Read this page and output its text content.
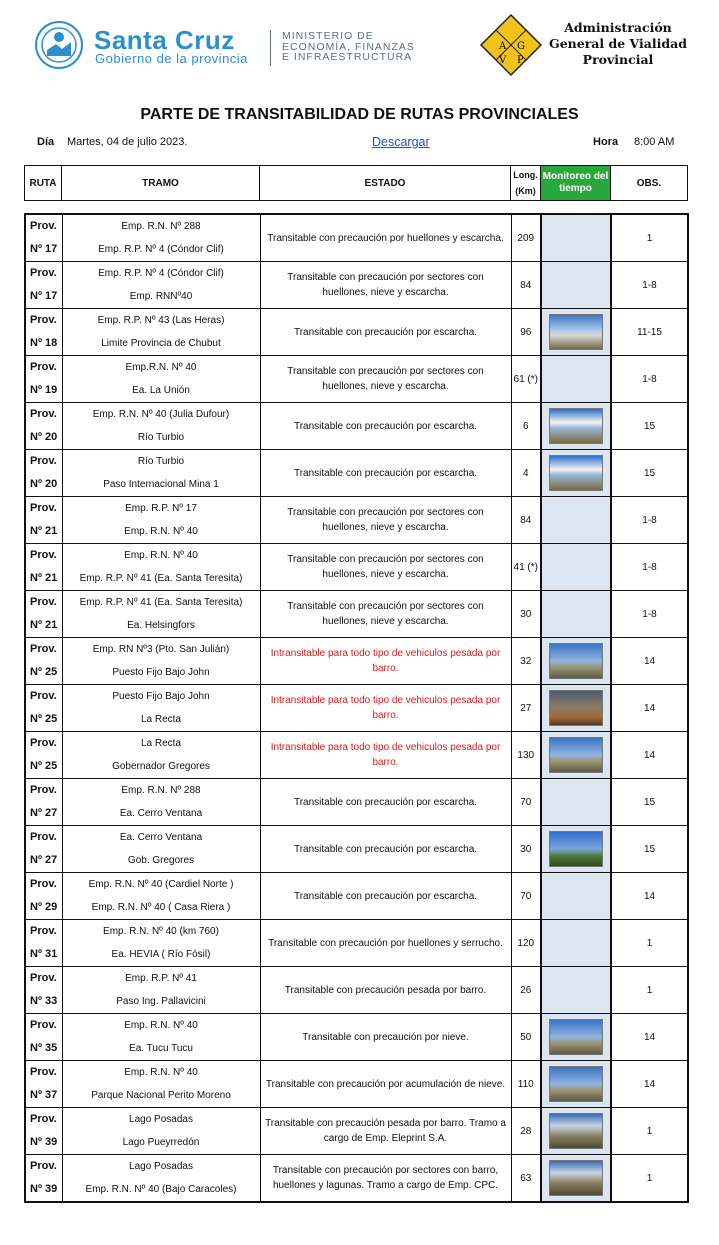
Santa Cruz
Gobierno de la provincia
MINISTERIO DE
ECONOMÍA, FINANZAS
E INFRAESTRUCTURA
A G
V P
Administración
General de Vialidad
Provincial
PARTE DE TRANSITABILIDAD DE RUTAS PROVINCIALES
Día Martes, 04 de julio 2023.	Descargar	Hora 8:00 AM
RUTA	TRAMO	ESTADO	
Long.
(Km)

Monitoreo del
tiempo	OBS.
Prov.
Nº 17	Emp. R.N. Nº 288
Emp. R.P. Nº 4 (Cóndor Clif)	Transitable con precaución por huellones y escarcha.	209		1

Prov.
Nº 17	Emp. R.P. Nº 4 (Cóndor Clif)
Emp. RNNº40	Transitable con precaución por sectores con huellones, nieve y escarcha.	84		1-8

Prov.
Nº 18	Emp. R.P. Nº 43 (Las Heras)
Limite Provincia de Chubut	Transitable con precaución por escarcha.	96		11-15

Prov.
Nº 19	Emp.R.N. Nº 40
Ea. La Unión	Transitable con precaución por sectores con huellones, nieve y escarcha.	61 (*)		1-8

Prov.
Nº 20	Emp. R.N. Nº 40 (Julia Dufour)
Río Turbio	Transitable con precaución por escarcha.	6		15

Prov.
Nº 20	Río Turbio
Paso Internacional Mina 1	Transitable con precaución por escarcha.	4		15

Prov.
Nº 21	Emp. R.P. Nº 17
Emp. R.N. Nº 40	Transitable con precaución por sectores con huellones, nieve y escarcha.	84		1-8

Prov.
Nº 21	Emp. R.N. Nº 40
Emp. R.P. Nº 41 (Ea. Santa Teresita)	Transitable con precaución por sectores con huellones, nieve y escarcha.	41 (*)		1-8

Prov.
Nº 21	Emp. R.P. Nº 41 (Ea. Santa Teresita)
Ea. Helsingfors	Transitable con precaución por sectores con huellones, nieve y escarcha.	30		1-8

Prov.
Nº 25	Emp. RN Nº3 (Pto. San Julián)
Puesto Fijo Bajo John	Intransitable para todo tipo de vehiculos pesada por barro.	32		14

Prov.
Nº 25	Puesto Fijo Bajo John
La Recta	Intransitable para todo tipo de vehiculos pesada por barro.	27		14

Prov.
Nº 25	La Recta
Gobernador Gregores	Intransitable para todo tipo de vehiculos pesada por barro.	130		14

Prov.
Nº 27	Emp. R.N. Nº 288
Ea. Cerro Ventana	Transitable con precaución por escarcha.	70		15

Prov.
Nº 27	Ea. Cerro Ventana
Gob. Gregores	Transitable con precaución por escarcha.	30		15

Prov.
Nº 29	Emp. R.N. Nº 40 (Cardiel Norte )
Emp. R.N. Nº 40 ( Casa Riera )	Transitable con precaución por escarcha.	70		14

Prov.
Nº 31	Emp. R.N. Nº 40 (km 760)
Ea. HEVIA ( Río Fósil)	Transitable con precaución por huellones y serrucho.	120		1

Prov.
Nº 33	Emp. R.P. Nº 41
Paso Ing. Pallavicini	Transitable con precaución pesada por barro.	26		1

Prov.
Nº 35	Emp. R.N. Nº 40
Ea. Tucu Tucu	Transitable con precaución por nieve.	50		14

Prov.
Nº 37	Emp. R.N. Nº 40
Parque Nacional Perito Moreno	Transitable con precaución por acumulación de nieve.	110		14

Prov.
Nº 39	Lago Posadas
Lago Pueyrredón	Transitable con precaución pesada por barro. Tramo a cargo de Emp. Eleprint S.A.	28		1

Prov.
Nº 39	Lago Posadas
Emp. R.N. Nº 40 (Bajo Caracoles)	Transitable con precaución por sectores con barro, huellones y lagunas. Tramo a cargo de Emp. CPC.	63		1
